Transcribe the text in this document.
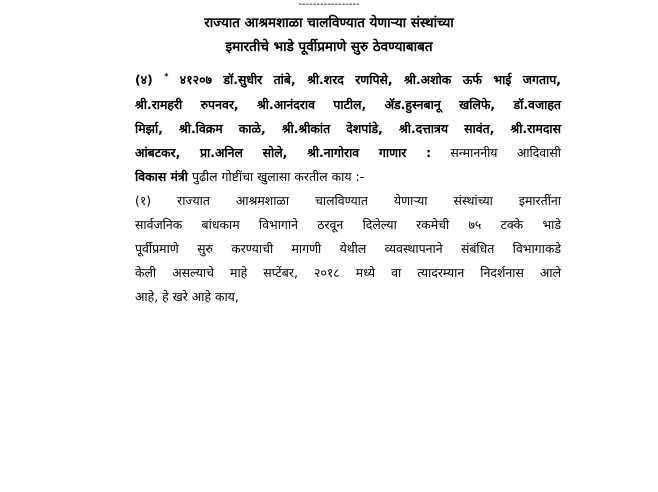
-----------------
राज्यात आश्रमशाळा चालविण्यात येणाऱ्या संस्थांच्या
इमारतीचे भाडे पूर्वीप्रमाणे सुरु ठेवण्याबाबत
(४) * ४१२०७ डॉ.सुधीर तांबे, श्री.शरद रणपिसे, श्री.अशोक ऊर्फ भाई जगताप,
श्री.रामहरी रुपनवर, श्री.आनंदराव पाटील, ॲड.हुस्नबानू खलिफे, डॉ.वजाहत
मिर्झा, श्री.विक्रम काळे, श्री.श्रीकांत देशपांडे, श्री.दत्तात्रय सावंत, श्री.रामदास
आंबटकर, प्रा.अनिल सोले, श्री.नागोराव गाणार : सन्माननीय आदिवासी
विकास मंत्री पुढील गोष्टींचा खुलासा करतील काय :-
(१) राज्यात आश्रमशाळा चालविण्यात येणाऱ्या संस्थांच्या इमारतींना
सार्वजनिक बांधकाम विभागाने ठरवून दिलेल्या रकमेची ७५ टक्के भाडे
पूर्वीप्रमाणे सुरु करण्याची मागणी येथील व्यवस्थापनाने संबंधित विभागाकडे
केली असल्याचे माहे सप्टेंबर, २०१८ मध्ये वा त्यादरम्यान निदर्शनास आले
आहे, हे खरे आहे काय,
